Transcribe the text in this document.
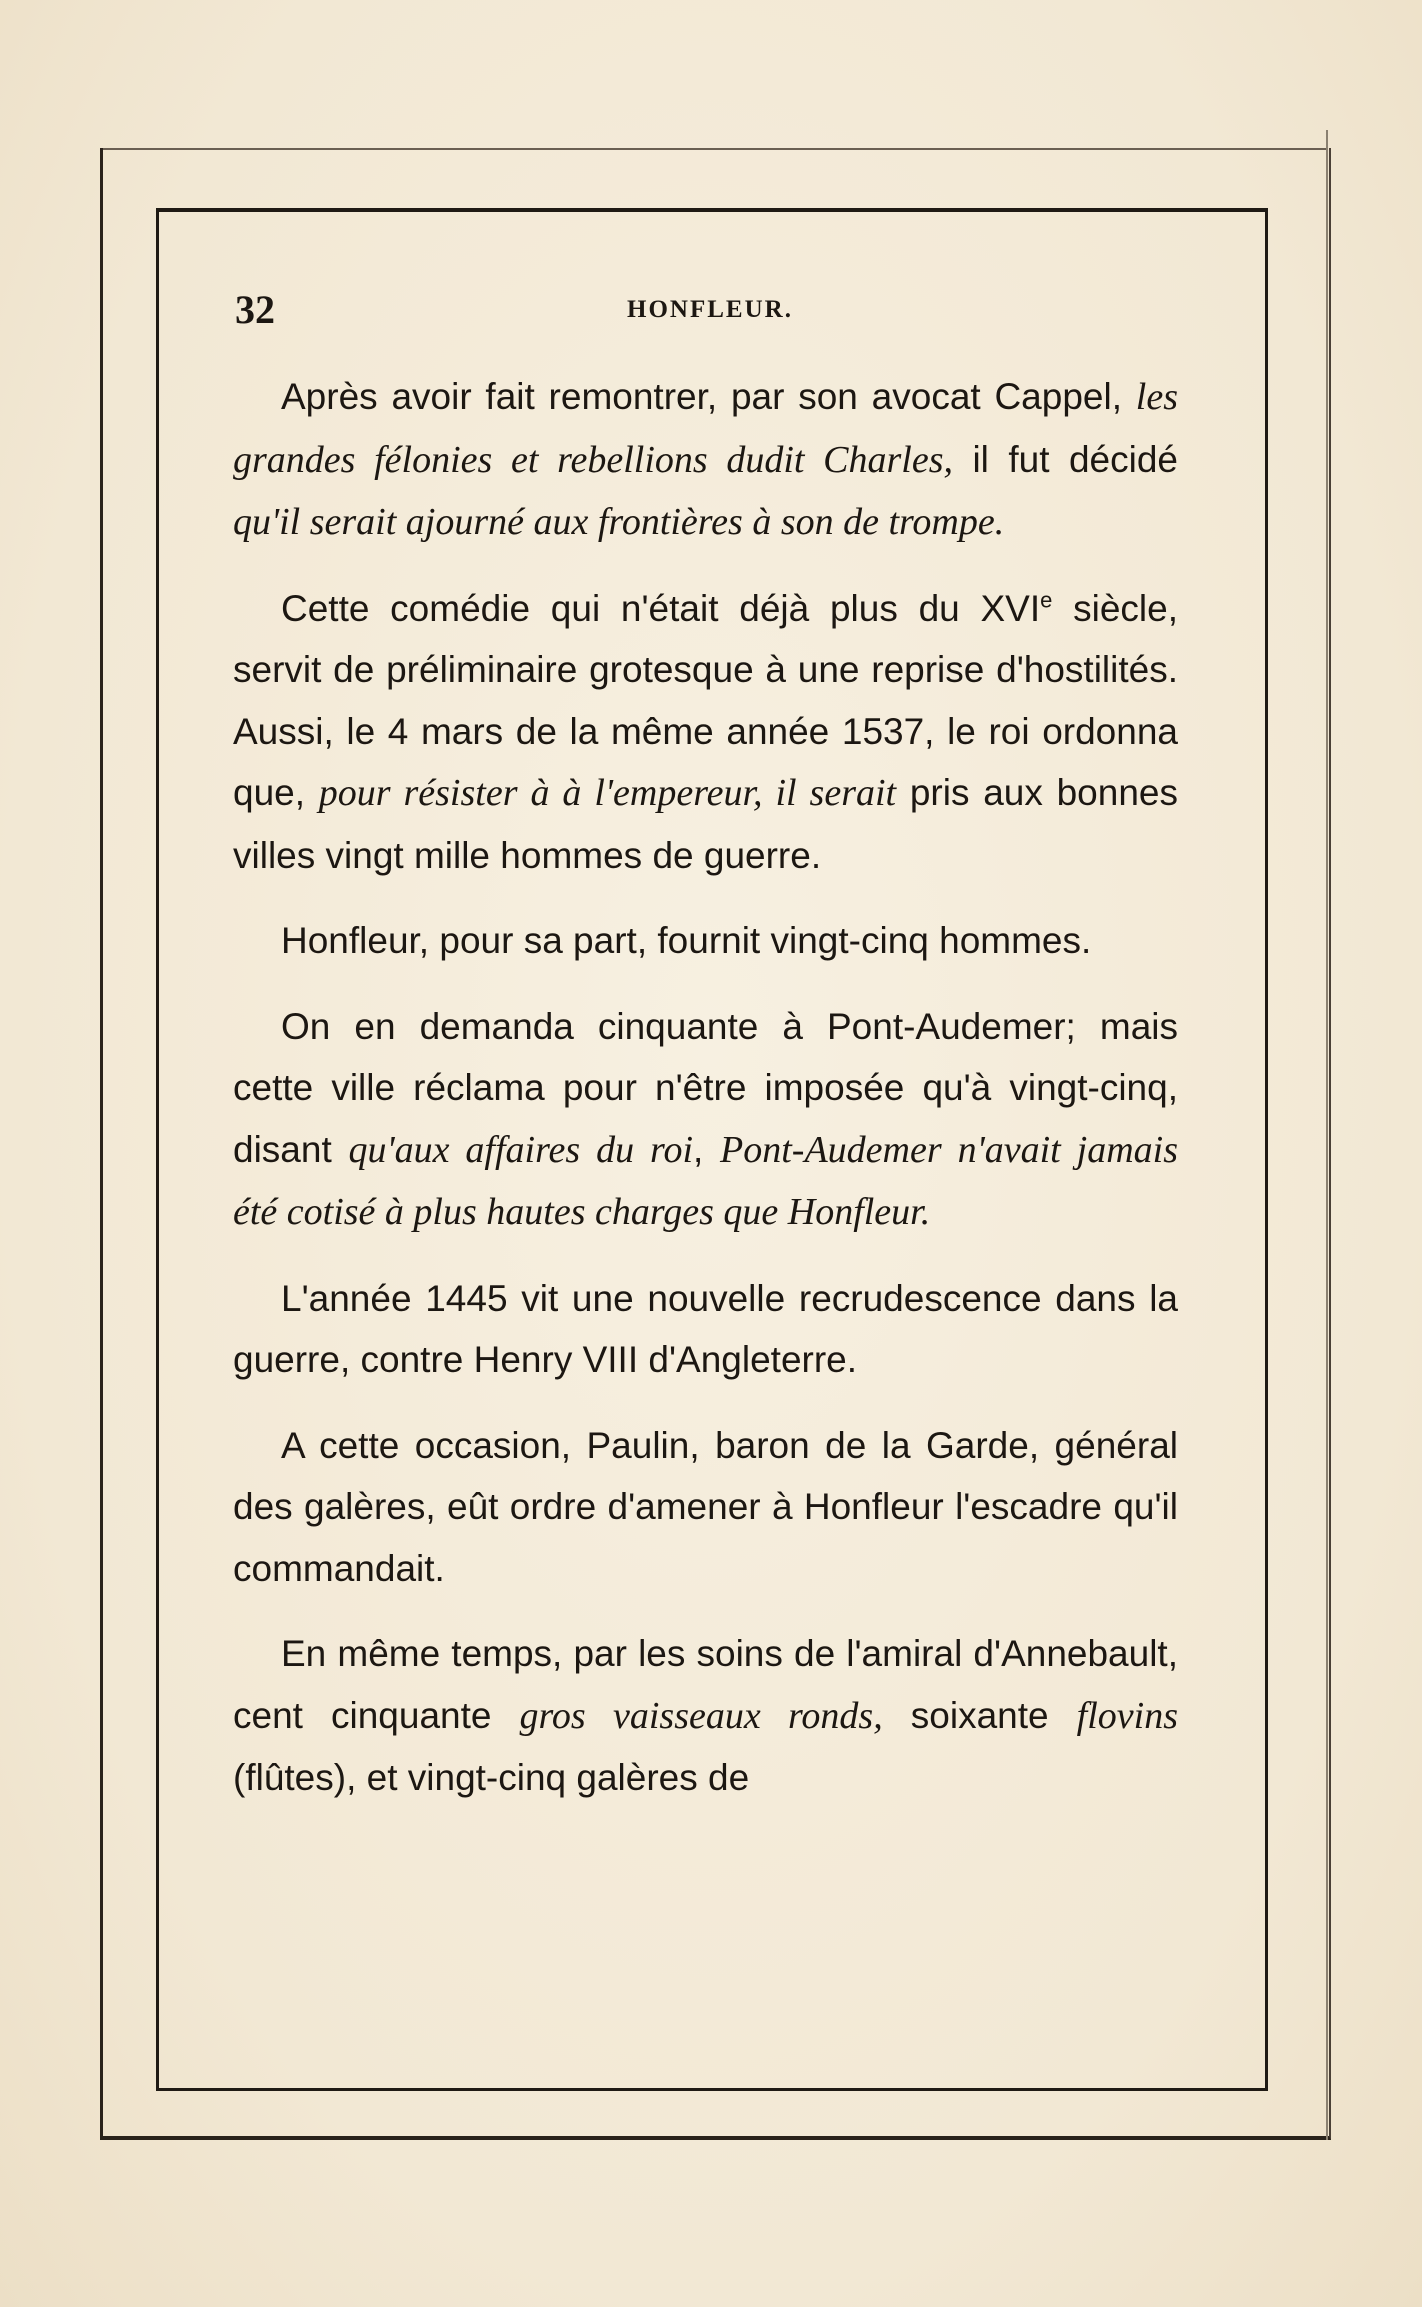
32	HONFLEUR.

Après avoir fait remontrer, par son avocat Cappel, les grandes félonies et rebellions dudit Charles, il fut décidé qu'il serait ajourné aux frontières à son de trompe.

Cette comédie qui n'était déjà plus du XVIe siècle, servit de préliminaire grotesque à une reprise d'hostilités. Aussi, le 4 mars de la même année 1537, le roi ordonna que, pour résister à à l'empereur, il serait pris aux bonnes villes vingt mille hommes de guerre.

Honfleur, pour sa part, fournit vingt-cinq hommes.

On en demanda cinquante à Pont-Audemer; mais cette ville réclama pour n'être imposée qu'à vingt-cinq, disant qu'aux affaires du roi, Pont-Audemer n'avait jamais été cotisé à plus hautes charges que Honfleur.

L'année 1445 vit une nouvelle recrudescence dans la guerre, contre Henry VIII d'Angleterre.

A cette occasion, Paulin, baron de la Garde, général des galères, eût ordre d'amener à Honfleur l'escadre qu'il commandait.

En même temps, par les soins de l'amiral d'Annebault, cent cinquante gros vaisseaux ronds, soixante flovins (flûtes), et vingt-cinq galères de
